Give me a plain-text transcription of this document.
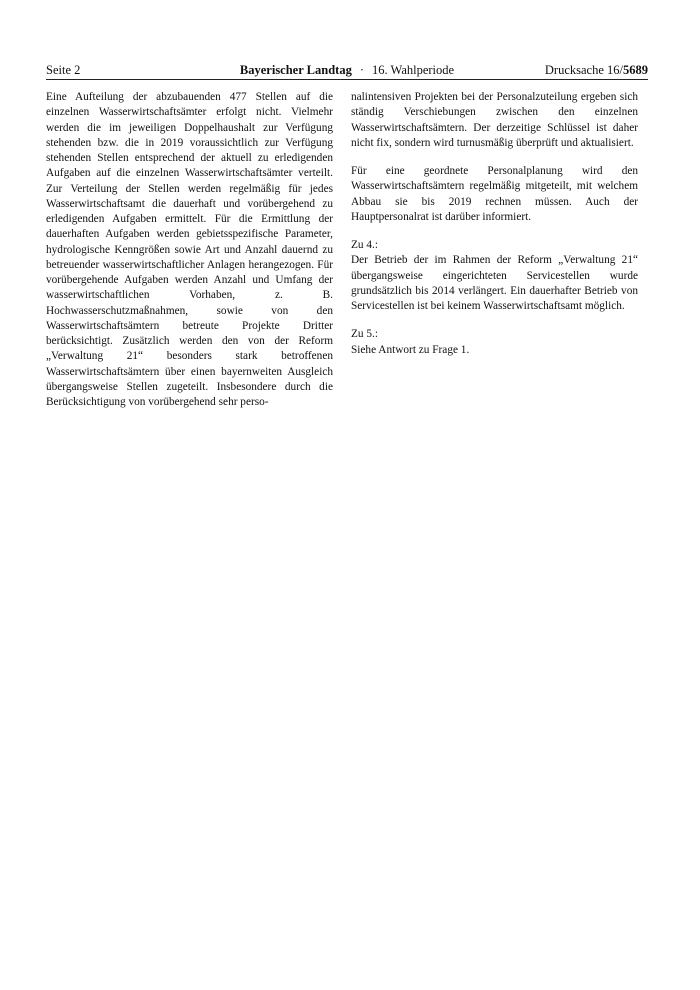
Seite 2	Bayerischer Landtag · 16. Wahlperiode	Drucksache 16/5689

Eine Aufteilung der abzubauenden 477 Stellen auf die einzelnen Wasserwirtschaftsämter erfolgt nicht. Vielmehr werden die im jeweiligen Doppelhaushalt zur Verfügung stehenden bzw. die in 2019 voraussichtlich zur Verfügung stehenden Stellen entsprechend der aktuell zu erledigenden Aufgaben auf die einzelnen Wasserwirtschaftsämter verteilt. Zur Verteilung der Stellen werden regelmäßig für jedes Wasserwirtschaftsamt die dauerhaft und vorübergehend zu erledigenden Aufgaben ermittelt. Für die Ermittlung der dauerhaften Aufgaben werden gebietsspezifische Parameter, hydrologische Kenngrößen sowie Art und Anzahl dauernd zu betreuender wasserwirtschaftlicher Anlagen herangezogen. Für vorübergehende Aufgaben werden Anzahl und Umfang der wasserwirtschaftlichen Vorhaben, z. B. Hochwasserschutzmaßnahmen, sowie von den Wasserwirtschaftsämtern betreute Projekte Dritter berücksichtigt. Zusätzlich werden den von der Reform „Verwaltung 21“ besonders stark betroffenen Wasserwirtschaftsämtern über einen bayernweiten Ausgleich übergangsweise Stellen zugeteilt. Insbesondere durch die Berücksichtigung von vorübergehend sehr perso-

nalintensiven Projekten bei der Personalzuteilung ergeben sich ständig Verschiebungen zwischen den einzelnen Wasserwirtschaftsämtern. Der derzeitige Schlüssel ist daher nicht fix, sondern wird turnusmäßig überprüft und aktualisiert.

Für eine geordnete Personalplanung wird den Wasserwirtschaftsämtern regelmäßig mitgeteilt, mit welchem Abbau sie bis 2019 rechnen müssen. Auch der Hauptpersonalrat ist darüber informiert.

Zu 4.:
Der Betrieb der im Rahmen der Reform „Verwaltung 21“ übergangsweise eingerichteten Servicestellen wurde grundsätzlich bis 2014 verlängert. Ein dauerhafter Betrieb von Servicestellen ist bei keinem Wasserwirtschaftsamt möglich.

Zu 5.:
Siehe Antwort zu Frage 1.
